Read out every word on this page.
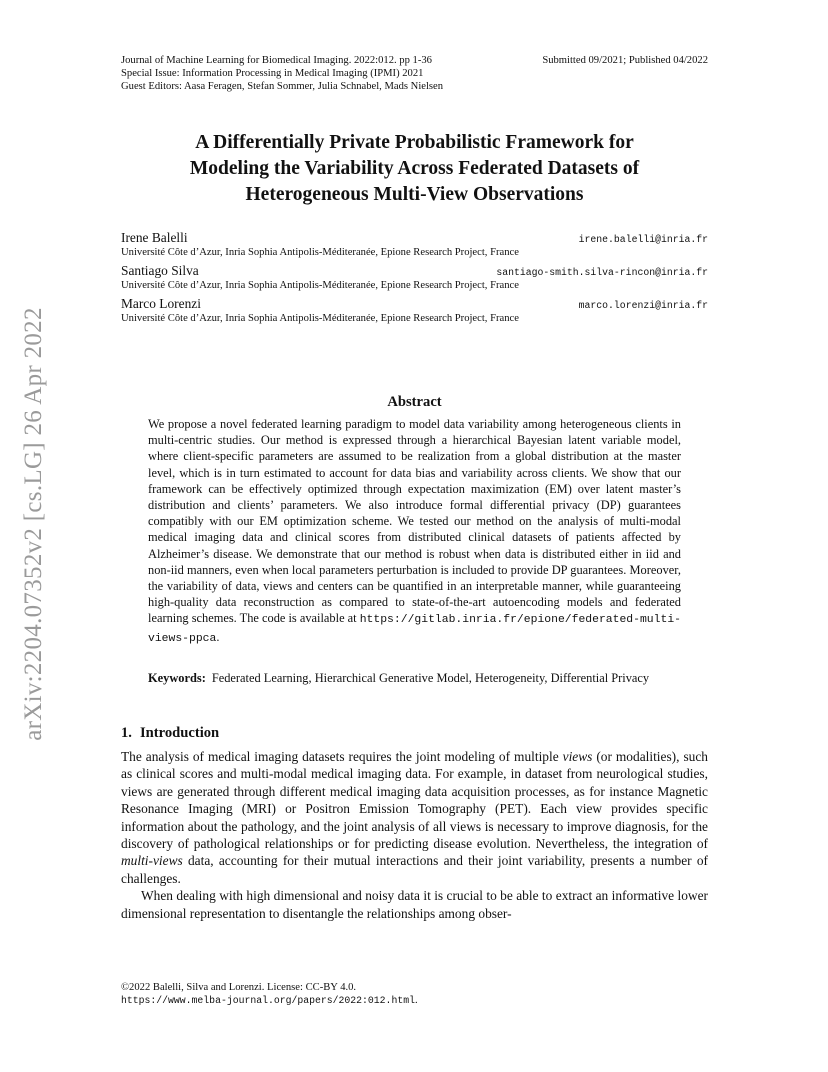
arXiv:2204.07352v2 [cs.LG] 26 Apr 2022
Journal of Machine Learning for Biomedical Imaging. 2022:012. pp 1-36	Submitted 09/2021; Published 04/2022
Special Issue: Information Processing in Medical Imaging (IPMI) 2021
Guest Editors: Aasa Feragen, Stefan Sommer, Julia Schnabel, Mads Nielsen
A Differentially Private Probabilistic Framework for
Modeling the Variability Across Federated Datasets of
Heterogeneous Multi-View Observations
Irene Balelli	irene.balelli@inria.fr
Université Côte d’Azur, Inria Sophia Antipolis-Méditeranée, Epione Research Project, France
Santiago Silva	santiago-smith.silva-rincon@inria.fr
Université Côte d’Azur, Inria Sophia Antipolis-Méditeranée, Epione Research Project, France
Marco Lorenzi	marco.lorenzi@inria.fr
Université Côte d’Azur, Inria Sophia Antipolis-Méditeranée, Epione Research Project, France
Abstract
We propose a novel federated learning paradigm to model data variability among heterogeneous clients in multi-centric studies. Our method is expressed through a hierarchical Bayesian latent variable model, where client-specific parameters are assumed to be realization from a global distribution at the master level, which is in turn estimated to account for data bias and variability across clients. We show that our framework can be effectively optimized through expectation maximization (EM) over latent master’s distribution and clients’ parameters. We also introduce formal differential privacy (DP) guarantees compatibly with our EM optimization scheme. We tested our method on the analysis of multi-modal medical imaging data and clinical scores from distributed clinical datasets of patients affected by Alzheimer’s disease. We demonstrate that our method is robust when data is distributed either in iid and non-iid manners, even when local parameters perturbation is included to provide DP guarantees. Moreover, the variability of data, views and centers can be quantified in an interpretable manner, while guaranteeing high-quality data reconstruction as compared to state-of-the-art autoencoding models and federated learning schemes. The code is available at https://gitlab.inria.fr/epione/federated-multi-views-ppca.
Keywords: Federated Learning, Hierarchical Generative Model, Heterogeneity, Differential Privacy
1. Introduction

The analysis of medical imaging datasets requires the joint modeling of multiple views (or modalities), such as clinical scores and multi-modal medical imaging data. For example, in dataset from neurological studies, views are generated through different medical imaging data acquisition processes, as for instance Magnetic Resonance Imaging (MRI) or Positron Emission Tomography (PET). Each view provides specific information about the pathology, and the joint analysis of all views is necessary to improve diagnosis, for the discovery of pathological relationships or for predicting disease evolution. Nevertheless, the integration of multi-views data, accounting for their mutual interactions and their joint variability, presents a number of challenges.

When dealing with high dimensional and noisy data it is crucial to be able to extract an informative lower dimensional representation to disentangle the relationships among obser-

©2022 Balelli, Silva and Lorenzi. License: CC-BY 4.0.
https://www.melba-journal.org/papers/2022:012.html.
